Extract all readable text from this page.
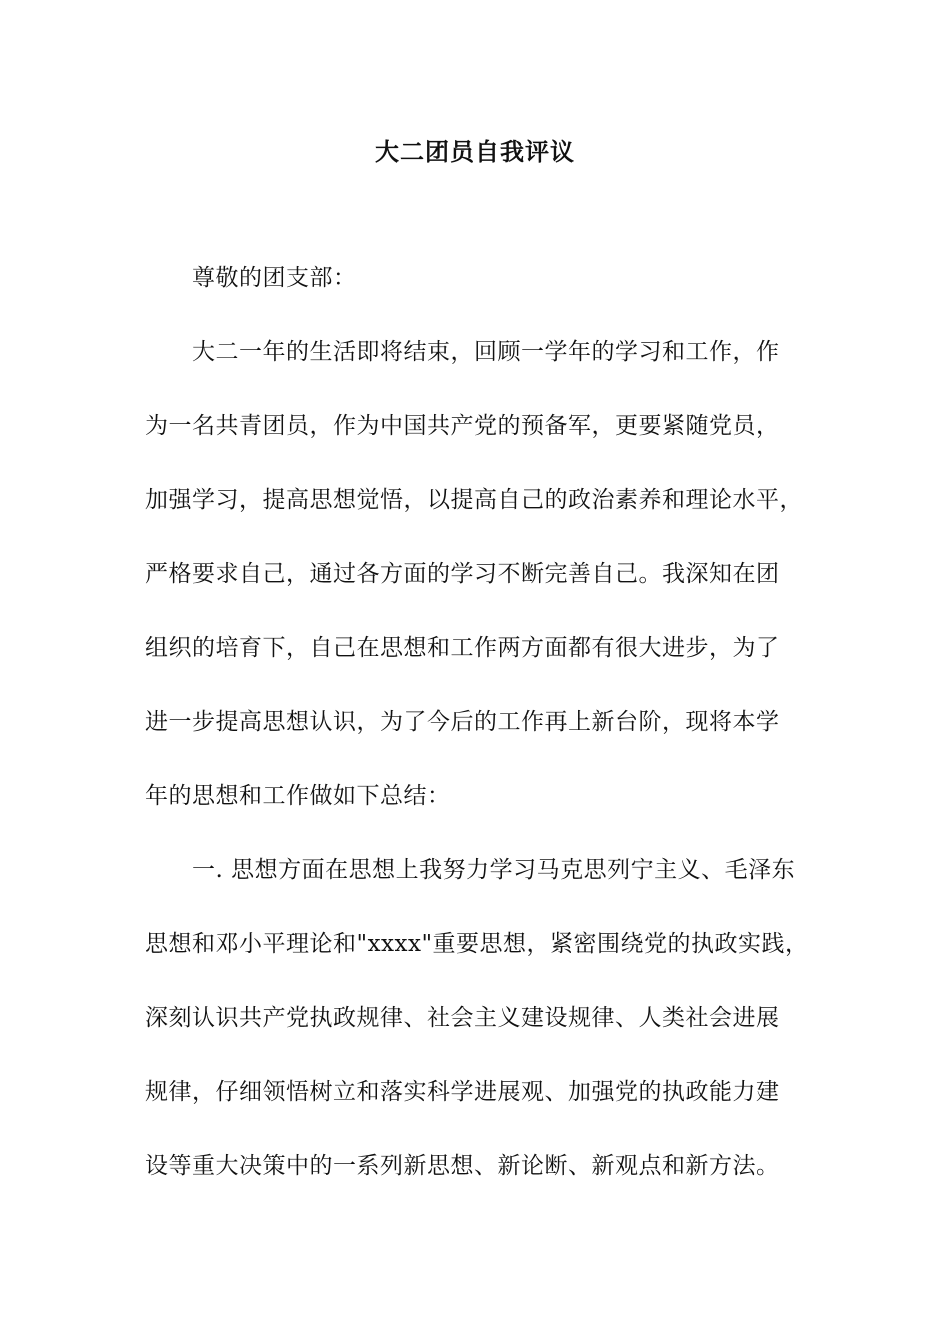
大二团员自我评议
尊敬的团支部：
大二一年的生活即将结束，回顾一学年的学习和工作，作
为一名共青团员，作为中国共产党的预备军，更要紧随党员，
加强学习，提高思想觉悟，以提高自己的政治素养和理论水平，
严格要求自己，通过各方面的学习不断完善自己。我深知在团
组织的培育下，自己在思想和工作两方面都有很大进步，为了
进一步提高思想认识，为了今后的工作再上新台阶，现将本学
年的思想和工作做如下总结：
一. 思想方面在思想上我努力学习马克思列宁主义、毛泽东
思想和邓小平理论和"xxxx"重要思想，紧密围绕党的执政实践，
深刻认识共产党执政规律、社会主义建设规律、人类社会进展
规律，仔细领悟树立和落实科学进展观、加强党的执政能力建
设等重大决策中的一系列新思想、新论断、新观点和新方法。
